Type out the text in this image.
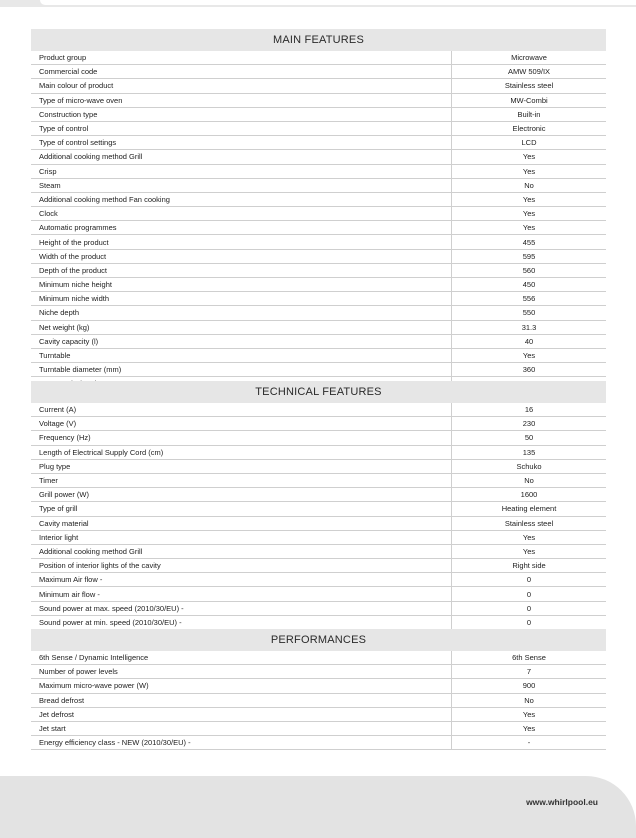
MAIN FEATURES
Product group	Microwave
Commercial code	AMW 509/IX
Main colour of product	Stainless steel
Type of micro-wave oven	MW-Combi
Construction type	Built-in
Type of control	Electronic
Type of control settings	LCD
Additional cooking method Grill	Yes
Crisp	Yes
Steam	No
Additional cooking method Fan cooking	Yes
Clock	Yes
Automatic programmes	Yes
Height of the product	455
Width of the product	595
Depth of the product	560
Minimum niche height	450
Minimum niche width	556
Niche depth	550
Net weight (kg)	31.3
Cavity capacity (l)	40
Turntable	Yes
Turntable diameter (mm)	360

TECHNICAL FEATURES
Current (A)	16
Voltage (V)	230
Frequency (Hz)	50
Length of Electrical Supply Cord (cm)	135
Plug type	Schuko
Timer	No
Grill power (W)	1600
Type of grill	Heating element
Cavity material	Stainless steel
Interior light	Yes
Additional cooking method Grill	Yes
Position of interior lights of the cavity	Right side
Maximum Air flow -	0
Minimum air flow -	0
Sound power at max. speed (2010/30/EU) -	0
Sound power at min. speed (2010/30/EU) -	0
PERFORMANCES
6th Sense / Dynamic Intelligence	6th Sense
Number of power levels	7
Maximum micro-wave power (W)	900
Bread defrost	No
Jet defrost	Yes
Jet start	Yes
Energy efficiency class - NEW (2010/30/EU) -	-
www.whirlpool.eu
